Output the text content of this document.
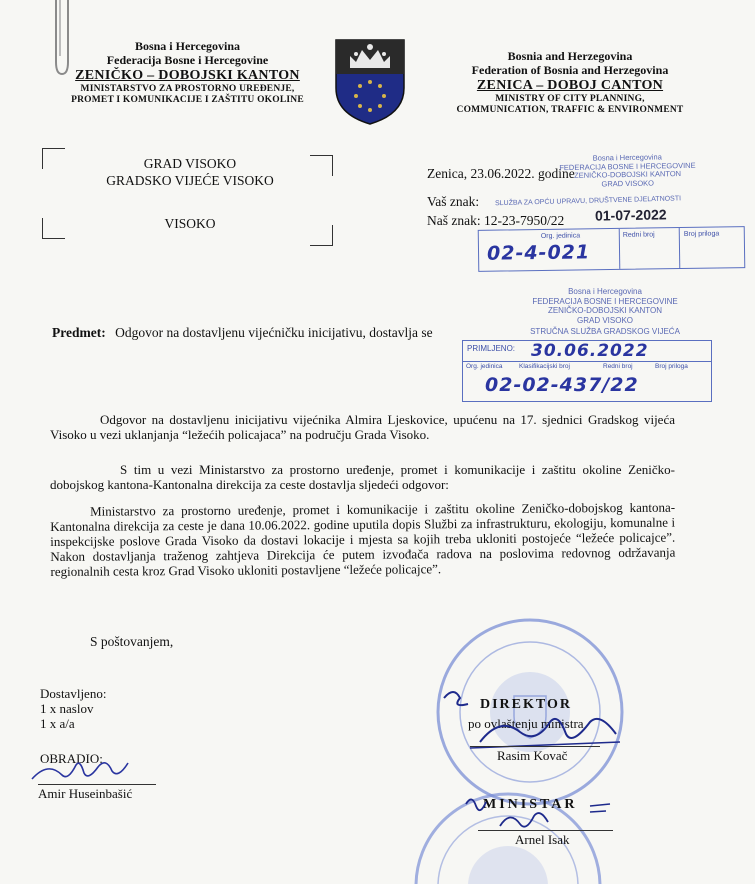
Bosna i Hercegovina
Federacija Bosne i Hercegovine
ZENIČKO – DOBOJSKI KANTON
MINISTARSTVO ZA PROSTORNO UREĐENJE,
PROMET I KOMUNIKACIJE I ZAŠTITU OKOLINE
Bosnia and Herzegovina
Federation of Bosnia and Herzegovina
ZENICA – DOBOJ CANTON
MINISTRY OF CITY PLANNING,
COMMUNICATION, TRAFFIC & ENVIRONMENT
GRAD VISOKO
GRADSKO VIJEĆE VISOKO
VISOKO
Zenica, 23.06.2022. godine
Vaš znak:
Naš znak: 12-23-7950/22
Bosna i Hercegovina
FEDERACIJA BOSNE I HERCEGOVINE
ZENIČKO-DOBOJSKI KANTON
GRAD VISOKO
SLUŽBA ZA OPĆU UPRAVU, DRUŠTVENE DJELATNOSTI
01-07-2022
Org. jedinica	Redni broj	Broj priloga
02-4-021
Bosna i Hercegovina
FEDERACIJA BOSNE I HERCEGOVINE
ZENIČKO-DOBOJSKI KANTON
GRAD VISOKO
STRUČNA SLUŽBA GRADSKOG VIJEĆA
PRIMLJENO: 30.06.2022
Org. jedinica	Klasifikacijski broj	Redni broj	Broj priloga
02-02-437/22
Predmet: Odgovor na dostavljenu vijećničku inicijativu, dostavlja se
Odgovor na dostavljenu inicijativu vijećnika Almira Ljeskovice, upućenu na 17. sjednici Gradskog vijeća Visoko u vezi uklanjanja “ležećih policajaca” na području Grada Visoko.
S tim u vezi Ministarstvo za prostorno uređenje, promet i komunikacije i zaštitu okoline Zeničko-dobojskog kantona-Kantonalna direkcija za ceste dostavlja sljedeći odgovor:
Ministarstvo za prostorno uređenje, promet i komunikacije i zaštitu okoline Zeničko-dobojskog kantona-Kantonalna direkcija za ceste je dana 10.06.2022. godine uputila dopis Službi za infrastrukturu, ekologiju, komunalne i inspekcijske poslove Grada Visoko da dostavi lokacije i mjesta sa kojih treba ukloniti postojeće “ležeće policajce”. Nakon dostavljanja traženog zahtjeva Direkcija će putem izvođača radova na poslovima redovnog održavanja regionalnih cesta kroz Grad Visoko ukloniti postavljene “ležeće policajce”.
S poštovanjem,
Dostavljeno:
1 x naslov
1 x a/a
OBRADIO:
Amir Huseinbašić
DIREKTOR
po ovlaštenju ministra
Rasim Kovač
MINISTAR
Arnel Isak
